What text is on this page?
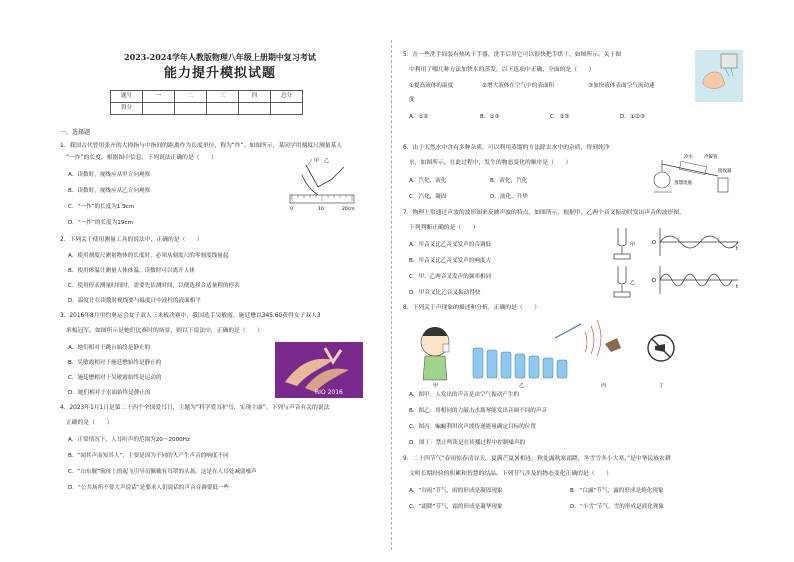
2023-2024学年人教版物理八年级上册期中复习考试
能力提升模拟试题
题号	一	二	三	四	总分
得分					
一、选择题
1．我国古代曾用张开的大拇指与中指间的距离作为长度单位，称为“拃”。如图所示，某同学用刻度尺测量某人
“一拃”的长度，根据图中信息，下列说法正确的是（　　）
A．读数时，视线应从甲方向观察
B．读数时，视线应从乙方向观察
C．“一拃”的长度为1.9cm
D．“一拃”的长度为19cm
甲 乙
0	10	20cm
2．下列关于使用测量工具的说法中，正确的是（　　）
A．使用刻度尺测量物体的长度时，必须从刻度尺的零刻度线量起
B．使用体温计测量人体体温，读数时可以离开人体
C．使用停表测量时间时，需要先估测时间，以便选择合适量程的停表
D．温度计在读数时视线要与温度计中液柱的液面相平
3．2016年8月里约奥运会女子双人三米板决赛中，我国选手吴敏霞、施廷懋以345.60获得女子双人3
米板冠军。如图所示是她们比赛时的场景，则以下说法中，正确的是（　　）
A．她们相对于跳台始终是静止的
B．吴敏霞相对于施廷懋始终是静止的
C．施廷懋相对于吴敏霞始终是运动的
D．她们相对于水面始终是静止的	RIO 2016
4．2023年1月1日是第二十四个全国爱耳日，主题为“科学爱耳护耳，实现主康”。下列与声音有关的说法
正确的是（　　）
A．正常情况下，人耳听声的范围为20～2000Hz
B．“闻其声而知其人”，主要是因为不同的人产生声音的响度不同
C．“山东舰”航母上的起飞引导员佩戴有耳罩的头盔，这是在人耳处减弱噪声
D．“公共场所不要大声说话”是要求人们说话的声音音调要低一些
5．在一些洗手间装有热风干手器，洗手后用它可以很快把手烘干，如图所示。关于图
中利用了哪几种方法加快水的蒸发，以下选项中正确、全面的是（　　）
①提高液体的温度	②增大液体在空气中的表面积	③加快液体表面空气流动速
度
A．①②	B．①③	C．②③	D．①②③
6．由于天然水中含有多种杂质，可以利用蒸馏的方法除去水中的杂质，得到纯净
水，如图所示。在此过程中，发生的物态变化的顺序是（　　）
A．汽化，液化	B．液化，汽化
C．汽化，凝固	D．液化，升华
冷水 冷凝管
蒸馏烧瓶
接收器
7．物理上常通过声波的波形图来反映声波的特点。如图所示，根据甲、乙两个音叉振动时发出声音的波形图，
下列判断正确的是（　　）
A．甲音叉比乙音叉发声的音调低
B．甲音叉比乙音叉发声的响度大
C．甲、乙两音叉发声的频率相同
D．甲音叉比乙音叉振动得快
甲
乙
O
O
t
t
8．下列关于声现象的描述和分析，正确的是（　　）
甲	乙	丙	丁
A．图甲：人发出的声音是由空气振动产生的
B．图乙：用相同的力敲击水瓶琴能发出音调不同的声音
C．图丙：蝙蝠利用次声波传递能量确定目标的位置
D．图丁：禁止鸣笛是在传播过程中控制噪声的
9．二十四节气“春雨惊春清谷天，夏满芒夏暑相连；秋处露秋寒霜降，冬雪雪冬小大寒。”是中华民族农耕
文明长期经验的积累和智慧的结晶。下列节气涉及的物态变化正确的是（　　）
A．“谷雨”节气，雨的形成是凝固现象	B．“白露”节气，露的形成是熔化现象
C．“霜降”节气，霜的形成是凝华现象	D．“小雪”节气，雪的形成是液化现象
